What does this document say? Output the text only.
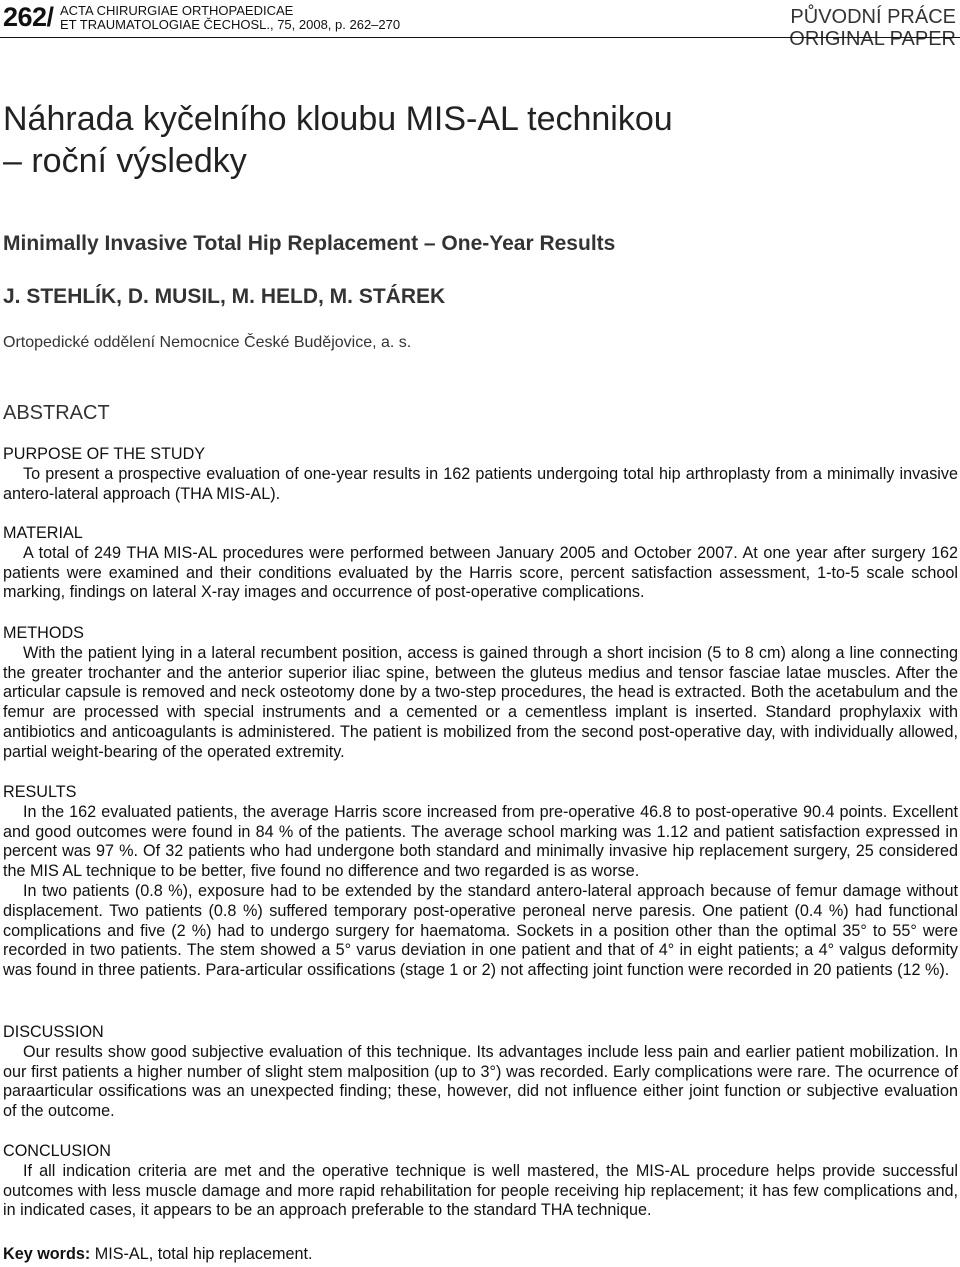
262/ ACTA CHIRURGIAE ORTHOPAEDICAE
ET TRAUMATOLOGIAE ČECHOSL., 75, 2008, p. 262–270	PŮVODNÍ PRÁCE
ORIGINAL PAPER
Náhrada kyčelního kloubu MIS-AL technikou
– roční výsledky
Minimally Invasive Total Hip Replacement – One-Year Results
J. STEHLÍK, D. MUSIL, M. HELD, M. STÁREK
Ortopedické oddělení Nemocnice České Budějovice, a. s.
ABSTRACT
PURPOSE OF THE STUDY

To present a prospective evaluation of one-year results in 162 patients undergoing total hip arthroplasty from a minimally invasive antero-lateral approach (THA MIS-AL).

MATERIAL

A total of 249 THA MIS-AL procedures were performed between January 2005 and October 2007. At one year after surgery 162 patients were examined and their conditions evaluated by the Harris score, percent satisfaction assessment, 1-to-5 scale school marking, findings on lateral X-ray images and occurrence of post-operative complications.

METHODS

With the patient lying in a lateral recumbent position, access is gained through a short incision (5 to 8 cm) along a line connecting the greater trochanter and the anterior superior iliac spine, between the gluteus medius and tensor fasciae latae muscles. After the articular capsule is removed and neck osteotomy done by a two-step procedures, the head is extracted. Both the acetabulum and the femur are processed with special instruments and a cemented or a cementless implant is inserted. Standard prophylaxix with antibiotics and anticoagulants is administered. The patient is mobilized from the second post-operative day, with individually allowed, partial weight-bearing of the operated extremity.

RESULTS

In the 162 evaluated patients, the average Harris score increased from pre-operative 46.8 to post-operative 90.4 points. Excellent and good outcomes were found in 84 % of the patients. The average school marking was 1.12 and patient satisfaction expressed in percent was 97 %. Of 32 patients who had undergone both standard and minimally invasive hip replacement surgery, 25 considered the MIS AL technique to be better, five found no difference and two regarded is as worse.

In two patients (0.8 %), exposure had to be extended by the standard antero-lateral approach because of femur damage without displacement. Two patients (0.8 %) suffered temporary post-operative peroneal nerve paresis. One patient (0.4 %) had functional complications and five (2 %) had to undergo surgery for haematoma. Sockets in a position other than the optimal 35° to 55° were recorded in two patients. The stem showed a 5° varus deviation in one patient and that of 4° in eight patients; a 4° valgus deformity was found in three patients. Para-articular ossifications (stage 1 or 2) not affecting joint function were recorded in 20 patients (12 %).

DISCUSSION

Our results show good subjective evaluation of this technique. Its advantages include less pain and earlier patient mobilization. In our first patients a higher number of slight stem malposition (up to 3°) was recorded. Early complications were rare. The ocurrence of paraarticular ossifications was an unexpected finding; these, however, did not influence either joint function or subjective evaluation of the outcome.

CONCLUSION

If all indication criteria are met and the operative technique is well mastered, the MIS-AL procedure helps provide successful outcomes with less muscle damage and more rapid rehabilitation for people receiving hip replacement; it has few complications and, in indicated cases, it appears to be an approach preferable to the standard THA technique.

Key words: MIS-AL, total hip replacement.
